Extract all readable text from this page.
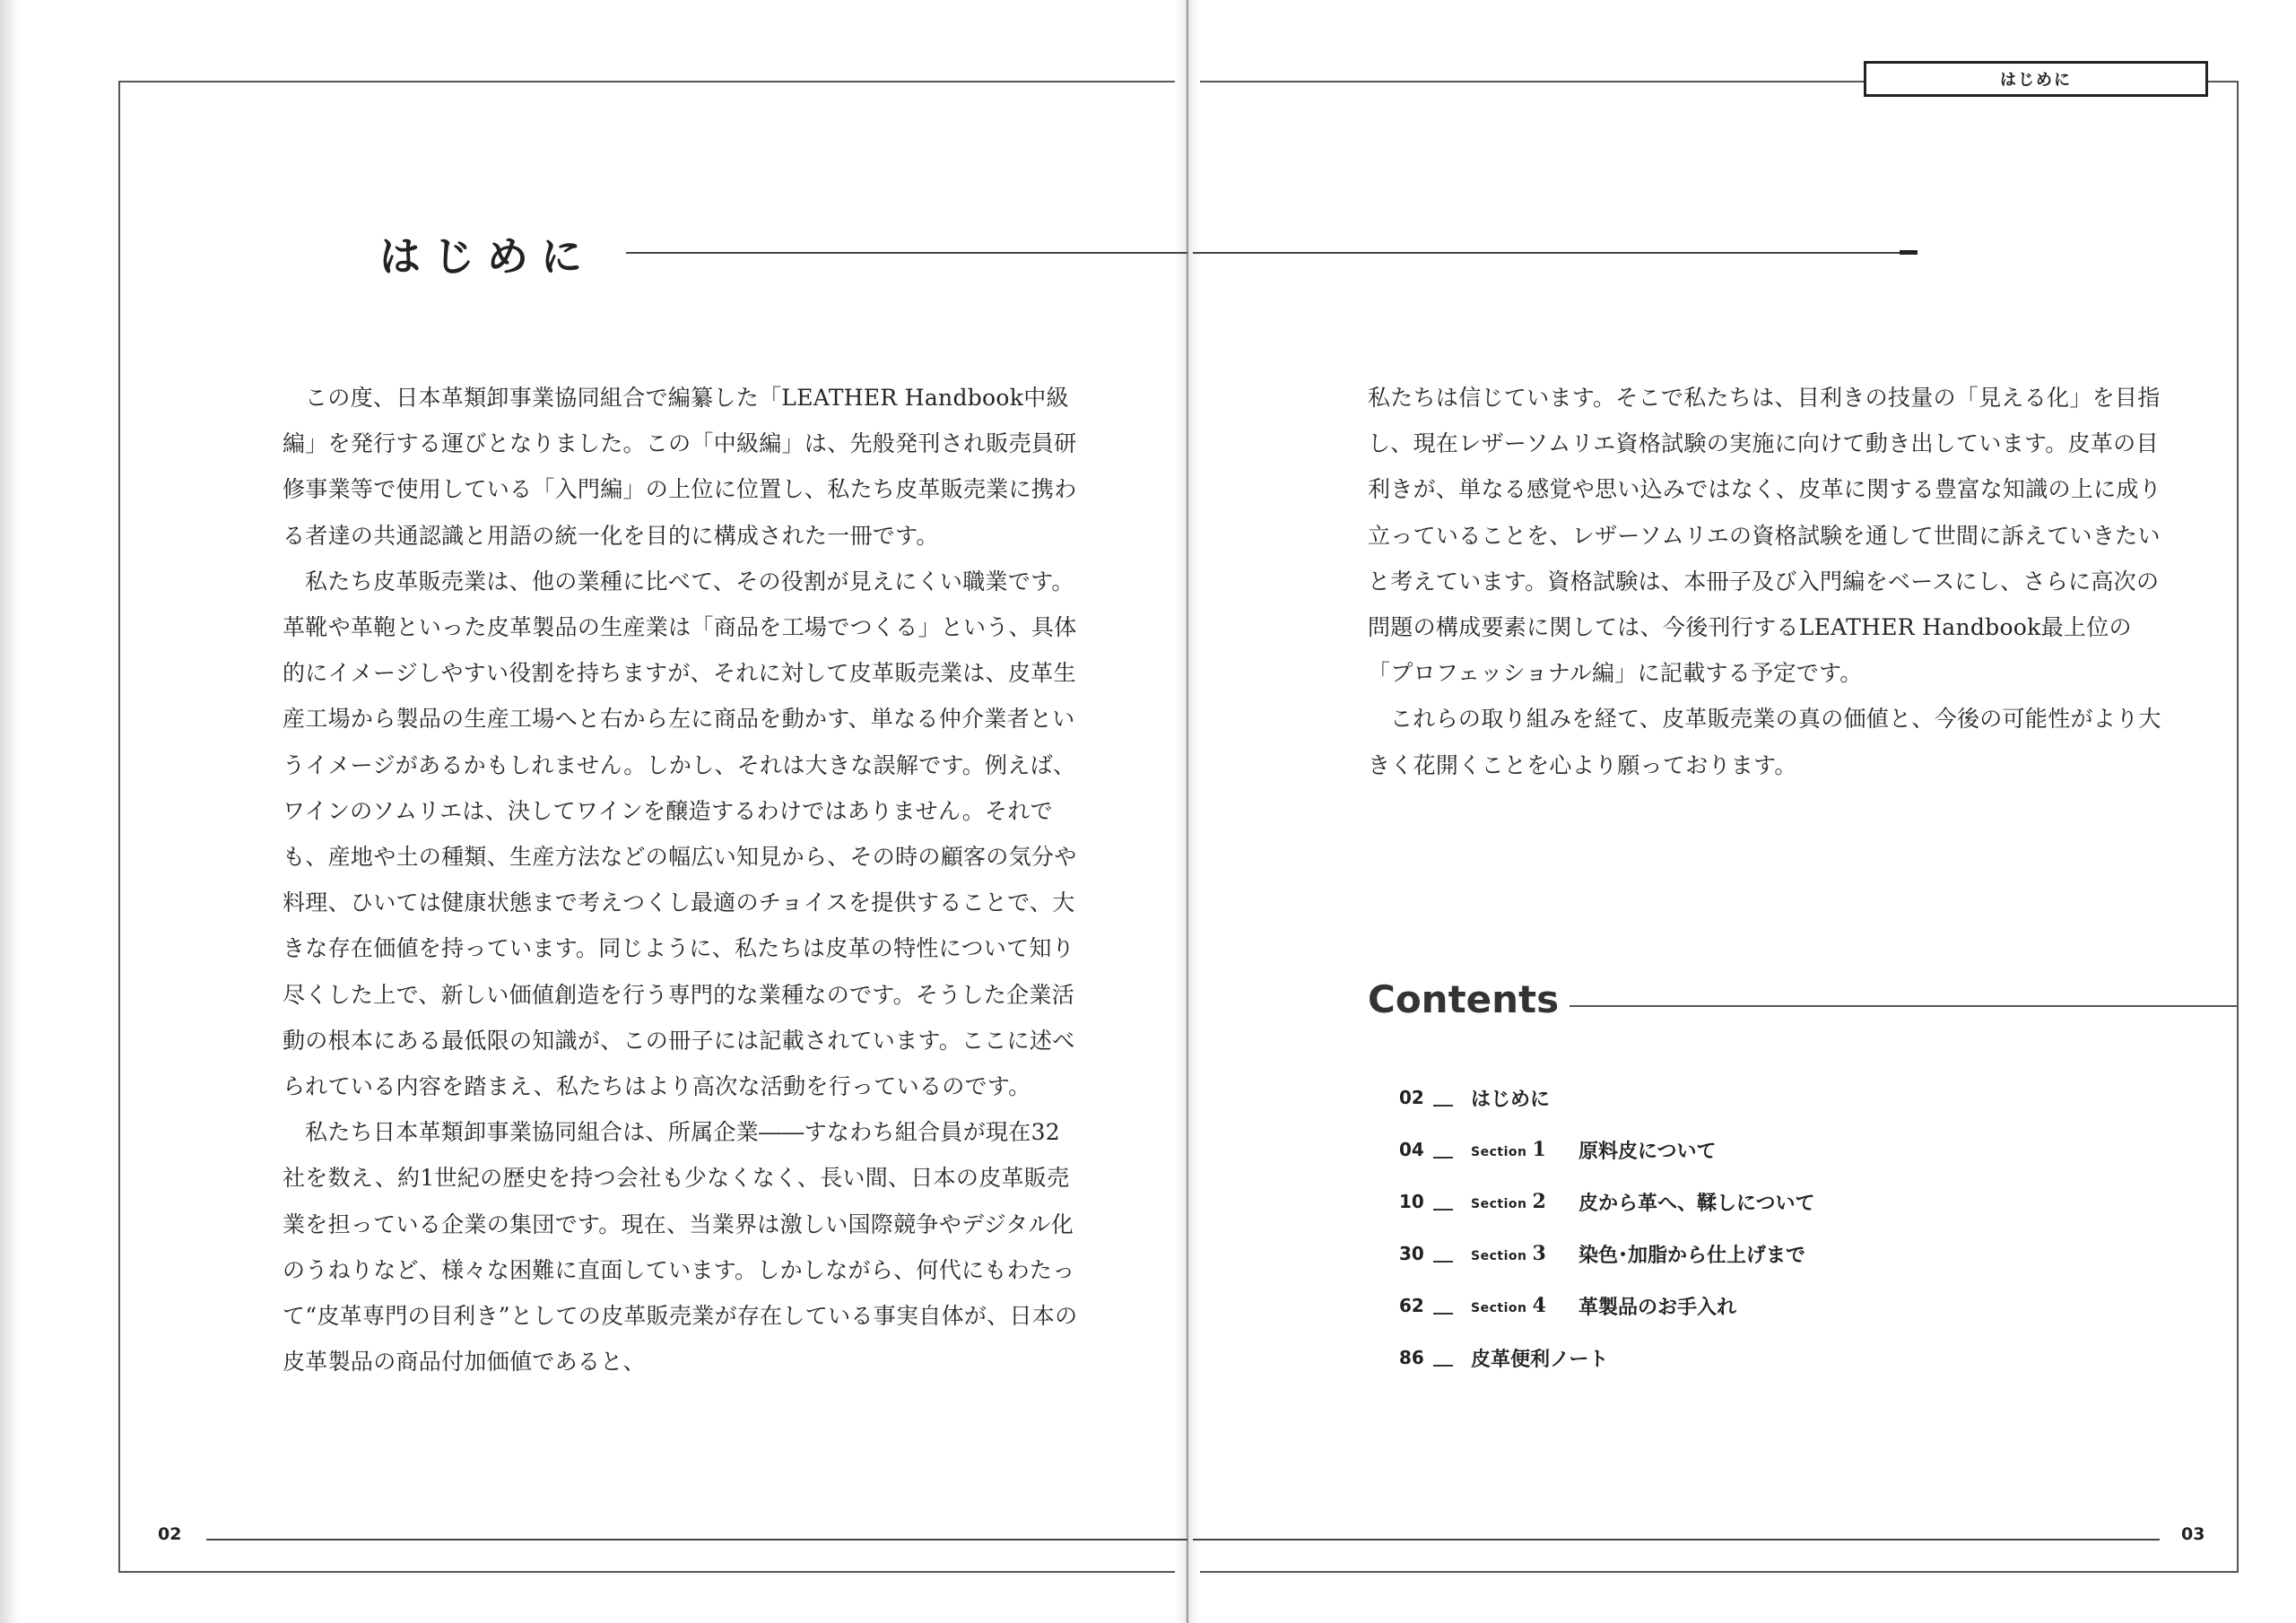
はじめに
はじめに

この度、日本革類卸事業協同組合で編纂した「LEATHER Handbook中級編」を発行する運びとなりました。この「中級編」は、先般発刊され販売員研修事業等で使用している「入門編」の上位に位置し、私たち皮革販売業に携わる者達の共通認識と用語の統一化を目的に構成された一冊です。

私たち皮革販売業は、他の業種に比べて、その役割が見えにくい職業です。革靴や革鞄といった皮革製品の生産業は「商品を工場でつくる」という、具体的にイメージしやすい役割を持ちますが、それに対して皮革販売業は、皮革生産工場から製品の生産工場へと右から左に商品を動かす、単なる仲介業者というイメージがあるかもしれません。しかし、それは大きな誤解です。例えば、ワインのソムリエは、決してワインを醸造するわけではありません。それでも、産地や土の種類、生産方法などの幅広い知見から、その時の顧客の気分や料理、ひいては健康状態まで考えつくし最適のチョイスを提供することで、大きな存在価値を持っています。同じように、私たちは皮革の特性について知り尽くした上で、新しい価値創造を行う専門的な業種なのです。そうした企業活動の根本にある最低限の知識が、この冊子には記載されています。ここに述べられている内容を踏まえ、私たちはより高次な活動を行っているのです。

私たち日本革類卸事業協同組合は、所属企業――すなわち組合員が現在32社を数え、約1世紀の歴史を持つ会社も少なくなく、長い間、日本の皮革販売業を担っている企業の集団です。現在、当業界は激しい国際競争やデジタル化のうねりなど、様々な困難に直面しています。しかしながら、何代にもわたって“皮革専門の目利き”としての皮革販売業が存在している事実自体が、日本の皮革製品の商品付加価値であると、

私たちは信じています。そこで私たちは、目利きの技量の「見える化」を目指し、現在レザーソムリエ資格試験の実施に向けて動き出しています。皮革の目利きが、単なる感覚や思い込みではなく、皮革に関する豊富な知識の上に成り立っていることを、レザーソムリエの資格試験を通して世間に訴えていきたいと考えています。資格試験は、本冊子及び入門編をベースにし、さらに高次の問題の構成要素に関しては、今後刊行するLEATHER Handbook最上位の「プロフェッショナル編」に記載する予定です。

これらの取り組みを経て、皮革販売業の真の価値と、今後の可能性がより大きく花開くことを心より願っております。

Contents
02 はじめに
04	Section 1	原料皮について
10	Section 2	皮から革へ、鞣しについて
30	Section 3	染色･加脂から仕上げまで
62	Section 4	革製品のお手入れ
86 皮革便利ノート
02	03
